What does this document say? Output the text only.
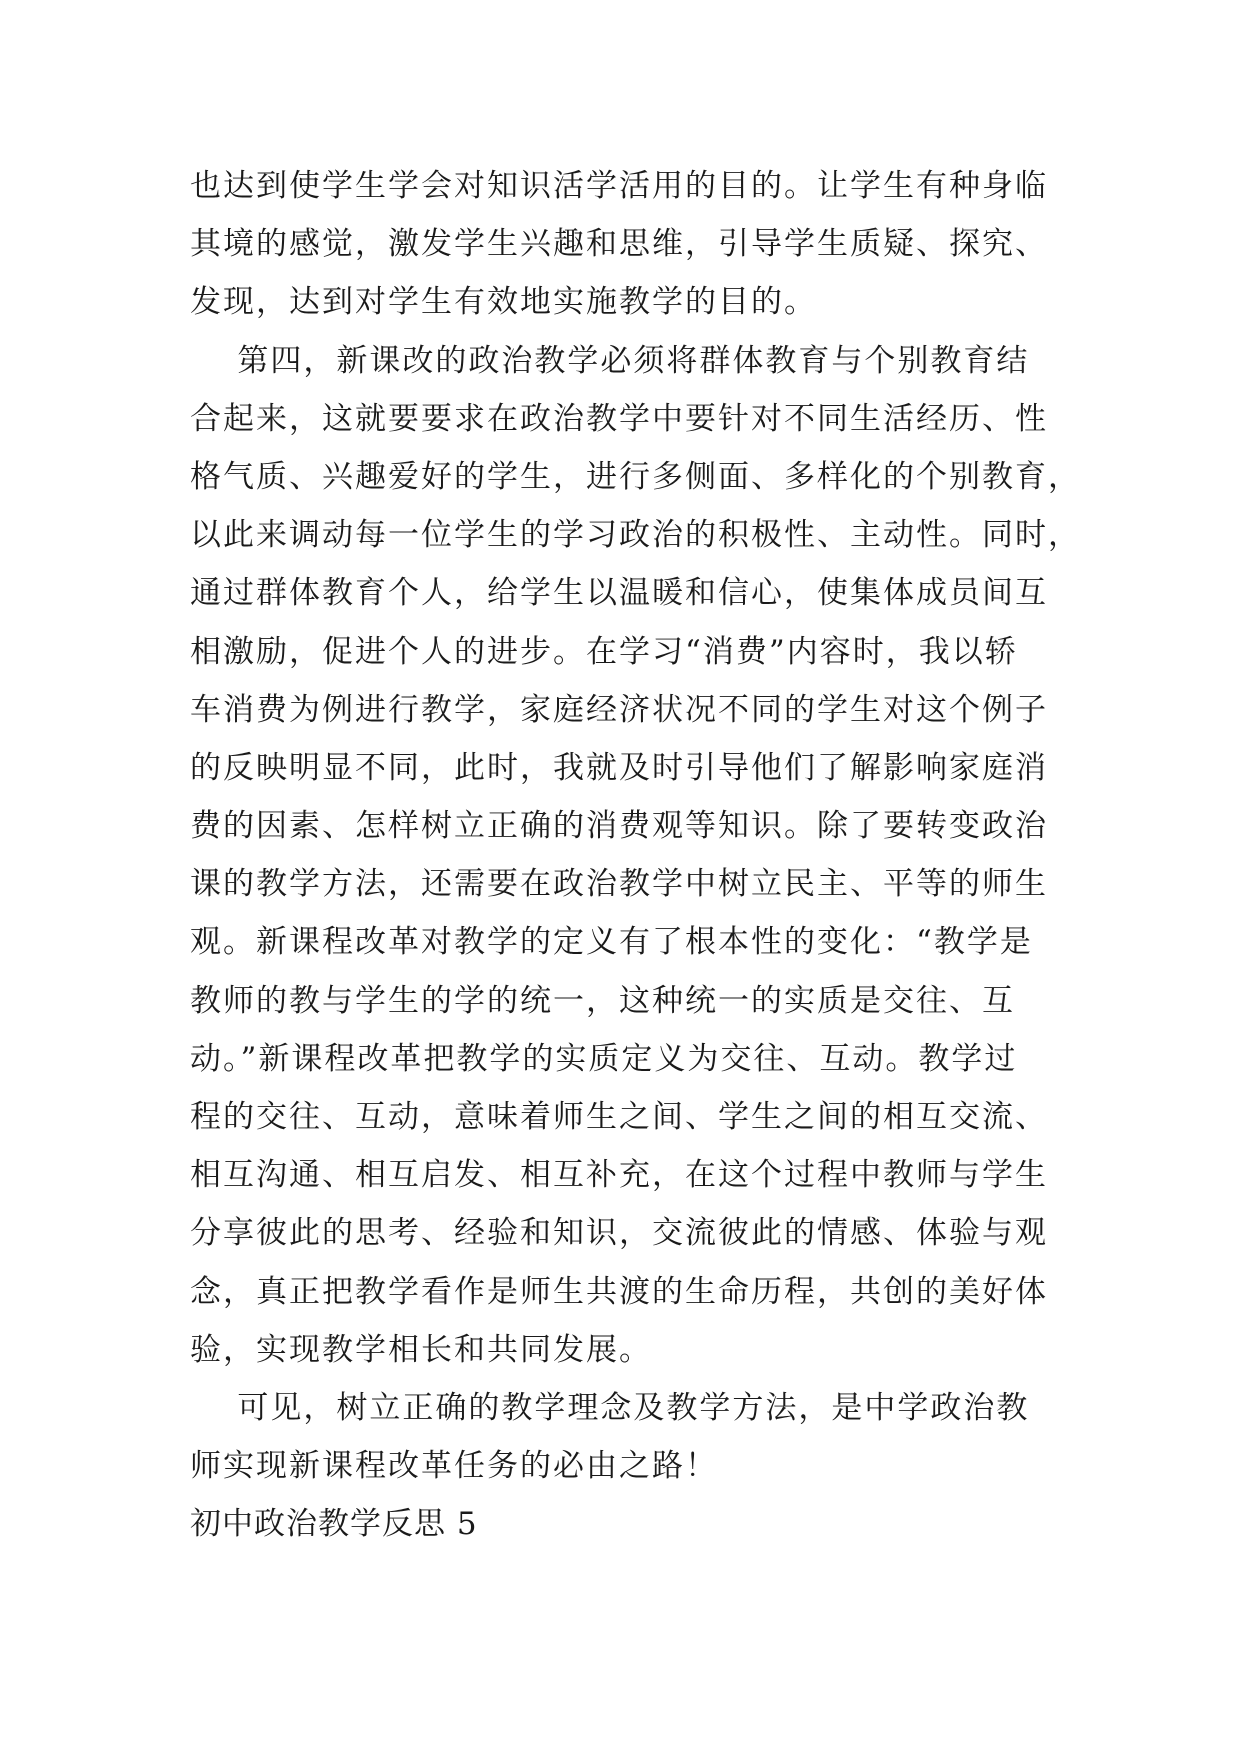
也达到使学生学会对知识活学活用的目的。让学生有种身临
其境的感觉，激发学生兴趣和思维，引导学生质疑、探究、
发现，达到对学生有效地实施教学的目的。
第四，新课改的政治教学必须将群体教育与个别教育结
合起来，这就要要求在政治教学中要针对不同生活经历、性
格气质、兴趣爱好的学生，进行多侧面、多样化的个别教育，
以此来调动每一位学生的学习政治的积极性、主动性。同时，
通过群体教育个人，给学生以温暖和信心，使集体成员间互
相激励，促进个人的进步。在学习“消费”内容时，我以轿
车消费为例进行教学，家庭经济状况不同的学生对这个例子
的反映明显不同，此时，我就及时引导他们了解影响家庭消
费的因素、怎样树立正确的消费观等知识。除了要转变政治
课的教学方法，还需要在政治教学中树立民主、平等的师生
观。新课程改革对教学的定义有了根本性的变化：“教学是
教师的教与学生的学的统一，这种统一的实质是交往、互
动。”新课程改革把教学的实质定义为交往、互动。教学过
程的交往、互动，意味着师生之间、学生之间的相互交流、
相互沟通、相互启发、相互补充，在这个过程中教师与学生
分享彼此的思考、经验和知识，交流彼此的情感、体验与观
念，真正把教学看作是师生共渡的生命历程，共创的美好体
验，实现教学相长和共同发展。
可见，树立正确的教学理念及教学方法，是中学政治教
师实现新课程改革任务的必由之路！
初中政治教学反思 5
